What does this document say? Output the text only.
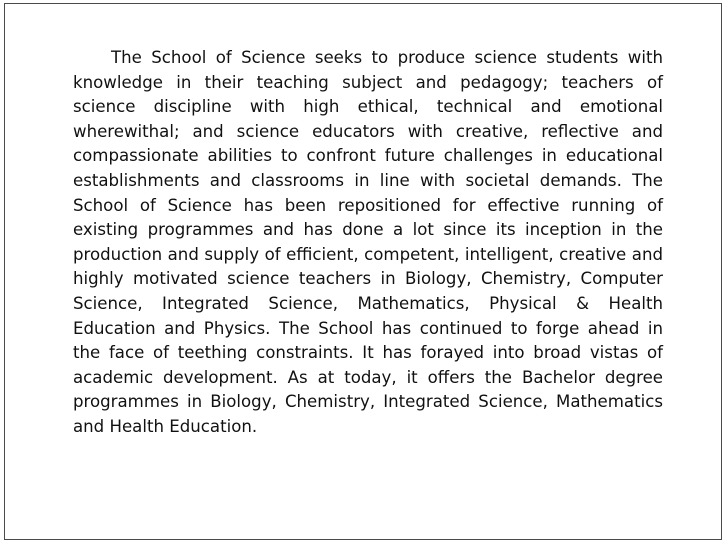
The School of Science seeks to produce science students with knowledge in their teaching subject and pedagogy; teachers of science discipline with high ethical, technical and emotional wherewithal; and science educators with creative, reflective and compassionate abilities to confront future challenges in educational establishments and classrooms in line with societal demands. The School of Science has been repositioned for effective running of existing programmes and has done a lot since its inception in the production and supply of efficient, competent, intelligent, creative and highly motivated science teachers in Biology, Chemistry, Computer Science, Integrated Science, Mathematics, Physical & Health Education and Physics. The School has continued to forge ahead in the face of teething constraints. It has forayed into broad vistas of academic development. As at today, it offers the Bachelor degree programmes in Biology, Chemistry, Integrated Science, Mathematics and Health Education.
